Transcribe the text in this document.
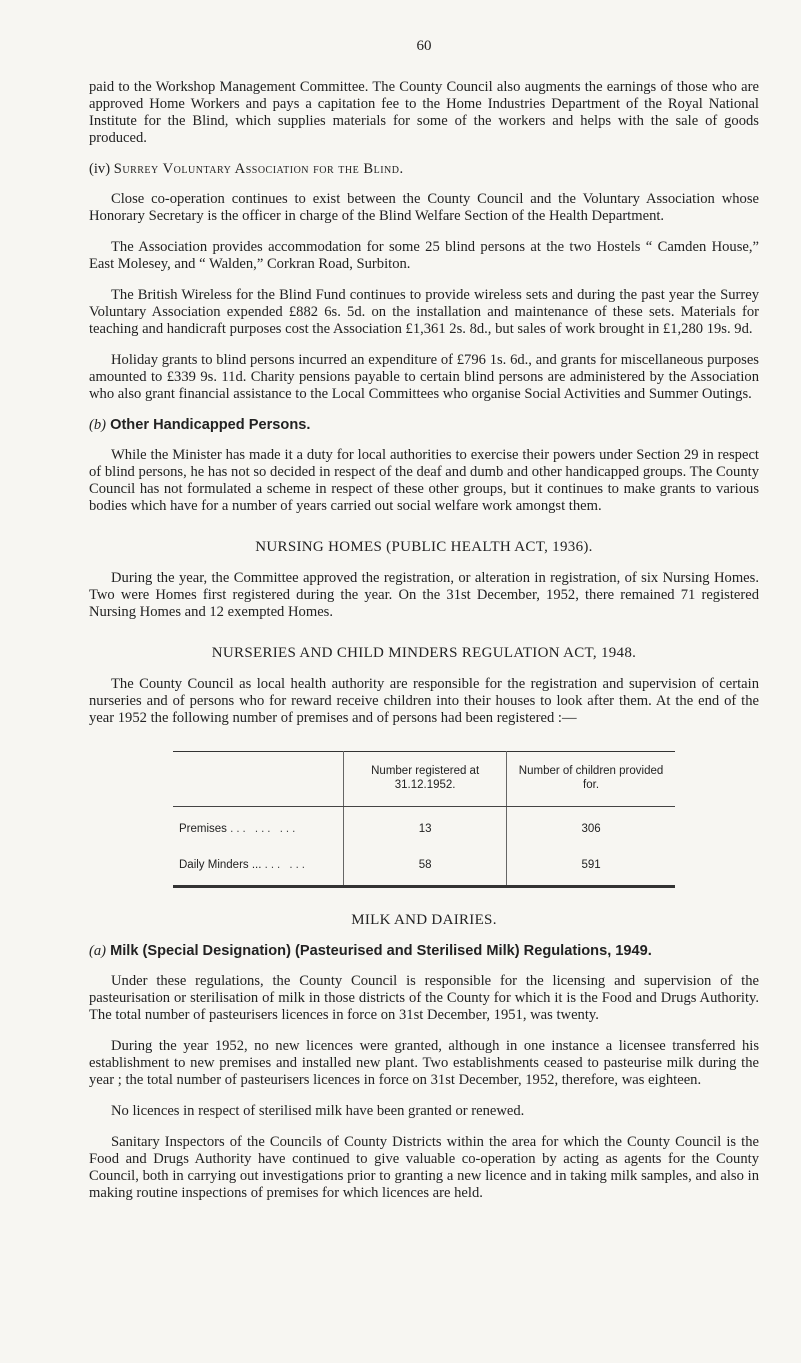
60

paid to the Workshop Management Committee. The County Council also augments the earnings of those who are approved Home Workers and pays a capitation fee to the Home Industries Department of the Royal National Institute for the Blind, which supplies materials for some of the workers and helps with the sale of goods produced.

(iv) Surrey Voluntary Association for the Blind.

Close co-operation continues to exist between the County Council and the Voluntary Association whose Honorary Secretary is the officer in charge of the Blind Welfare Section of the Health Department.

The Association provides accommodation for some 25 blind persons at the two Hostels “ Camden House,” East Molesey, and “ Walden,” Corkran Road, Surbiton.

The British Wireless for the Blind Fund continues to provide wireless sets and during the past year the Surrey Voluntary Association expended £882 6s. 5d. on the installation and maintenance of these sets. Materials for teaching and handicraft purposes cost the Association £1,361 2s. 8d., but sales of work brought in £1,280 19s. 9d.

Holiday grants to blind persons incurred an expenditure of £796 1s. 6d., and grants for miscellaneous purposes amounted to £339 9s. 11d. Charity pensions payable to certain blind persons are administered by the Association who also grant financial assistance to the Local Committees who organise Social Activities and Summer Outings.

(b) Other Handicapped Persons.

While the Minister has made it a duty for local authorities to exercise their powers under Section 29 in respect of blind persons, he has not so decided in respect of the deaf and dumb and other handicapped groups. The County Council has not formulated a scheme in respect of these other groups, but it continues to make grants to various bodies which have for a number of years carried out social welfare work amongst them.

NURSING HOMES (PUBLIC HEALTH ACT, 1936).

During the year, the Committee approved the registration, or alteration in registration, of six Nursing Homes. Two were Homes first registered during the year. On the 31st December, 1952, there remained 71 registered Nursing Homes and 12 exempted Homes.

NURSERIES AND CHILD MINDERS REGULATION ACT, 1948.

The County Council as local health authority are responsible for the registration and supervision of certain nurseries and of persons who for reward receive children into their houses to look after them. At the end of the year 1952 the following number of premises and of persons had been registered :—

	Number registered at 31.12.1952.	Number of children provided for.
Premises ... ... ...	13	306
Daily Minders ... ... ...	58	591
MILK AND DAIRIES.
(a) Milk (Special Designation) (Pasteurised and Sterilised Milk) Regulations, 1949.

Under these regulations, the County Council is responsible for the licensing and supervision of the pasteurisation or sterilisation of milk in those districts of the County for which it is the Food and Drugs Authority. The total number of pasteurisers licences in force on 31st December, 1951, was twenty.

During the year 1952, no new licences were granted, although in one instance a licensee transferred his establishment to new premises and installed new plant. Two establishments ceased to pasteurise milk during the year ; the total number of pasteurisers licences in force on 31st December, 1952, therefore, was eighteen.

No licences in respect of sterilised milk have been granted or renewed.

Sanitary Inspectors of the Councils of County Districts within the area for which the County Council is the Food and Drugs Authority have continued to give valuable co-operation by acting as agents for the County Council, both in carrying out investigations prior to granting a new licence and in taking milk samples, and also in making routine inspections of premises for which licences are held.
